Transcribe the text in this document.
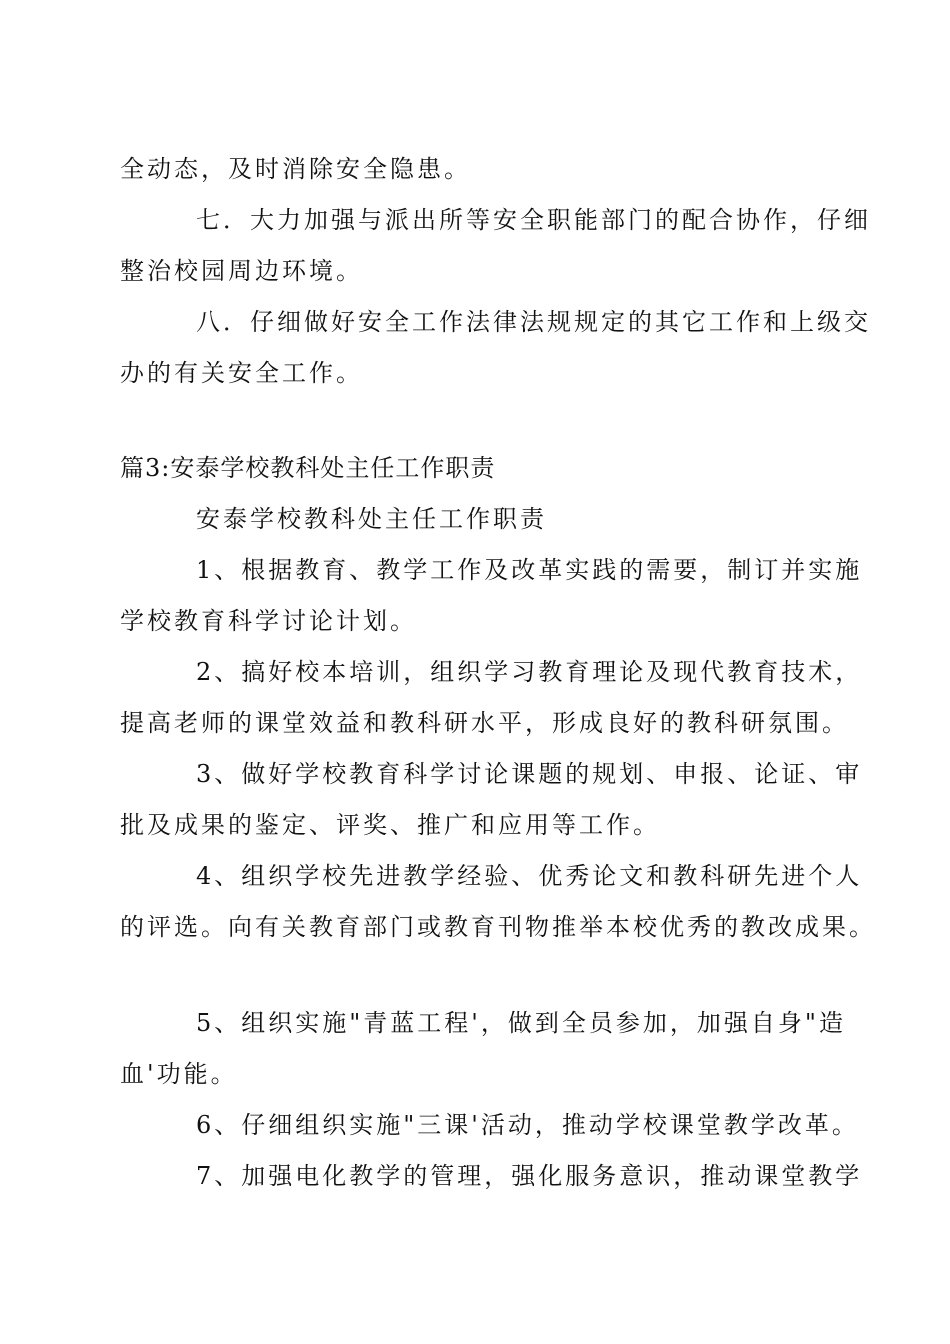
全动态，及时消除安全隐患。
七．大力加强与派出所等安全职能部门的配合协作，仔细
整治校园周边环境。
八．仔细做好安全工作法律法规规定的其它工作和上级交
办的有关安全工作。
篇3:安泰学校教科处主任工作职责
安泰学校教科处主任工作职责
1、根据教育、教学工作及改革实践的需要，制订并实施
学校教育科学讨论计划。
2、搞好校本培训，组织学习教育理论及现代教育技术，
提高老师的课堂效益和教科研水平，形成良好的教科研氛围。
3、做好学校教育科学讨论课题的规划、申报、论证、审
批及成果的鉴定、评奖、推广和应用等工作。
4、组织学校先进教学经验、优秀论文和教科研先进个人
的评选。向有关教育部门或教育刊物推举本校优秀的教改成果。
5、组织实施"青蓝工程'，做到全员参加，加强自身"造
血'功能。
6、仔细组织实施"三课'活动，推动学校课堂教学改革。
7、加强电化教学的管理，强化服务意识，推动课堂教学
